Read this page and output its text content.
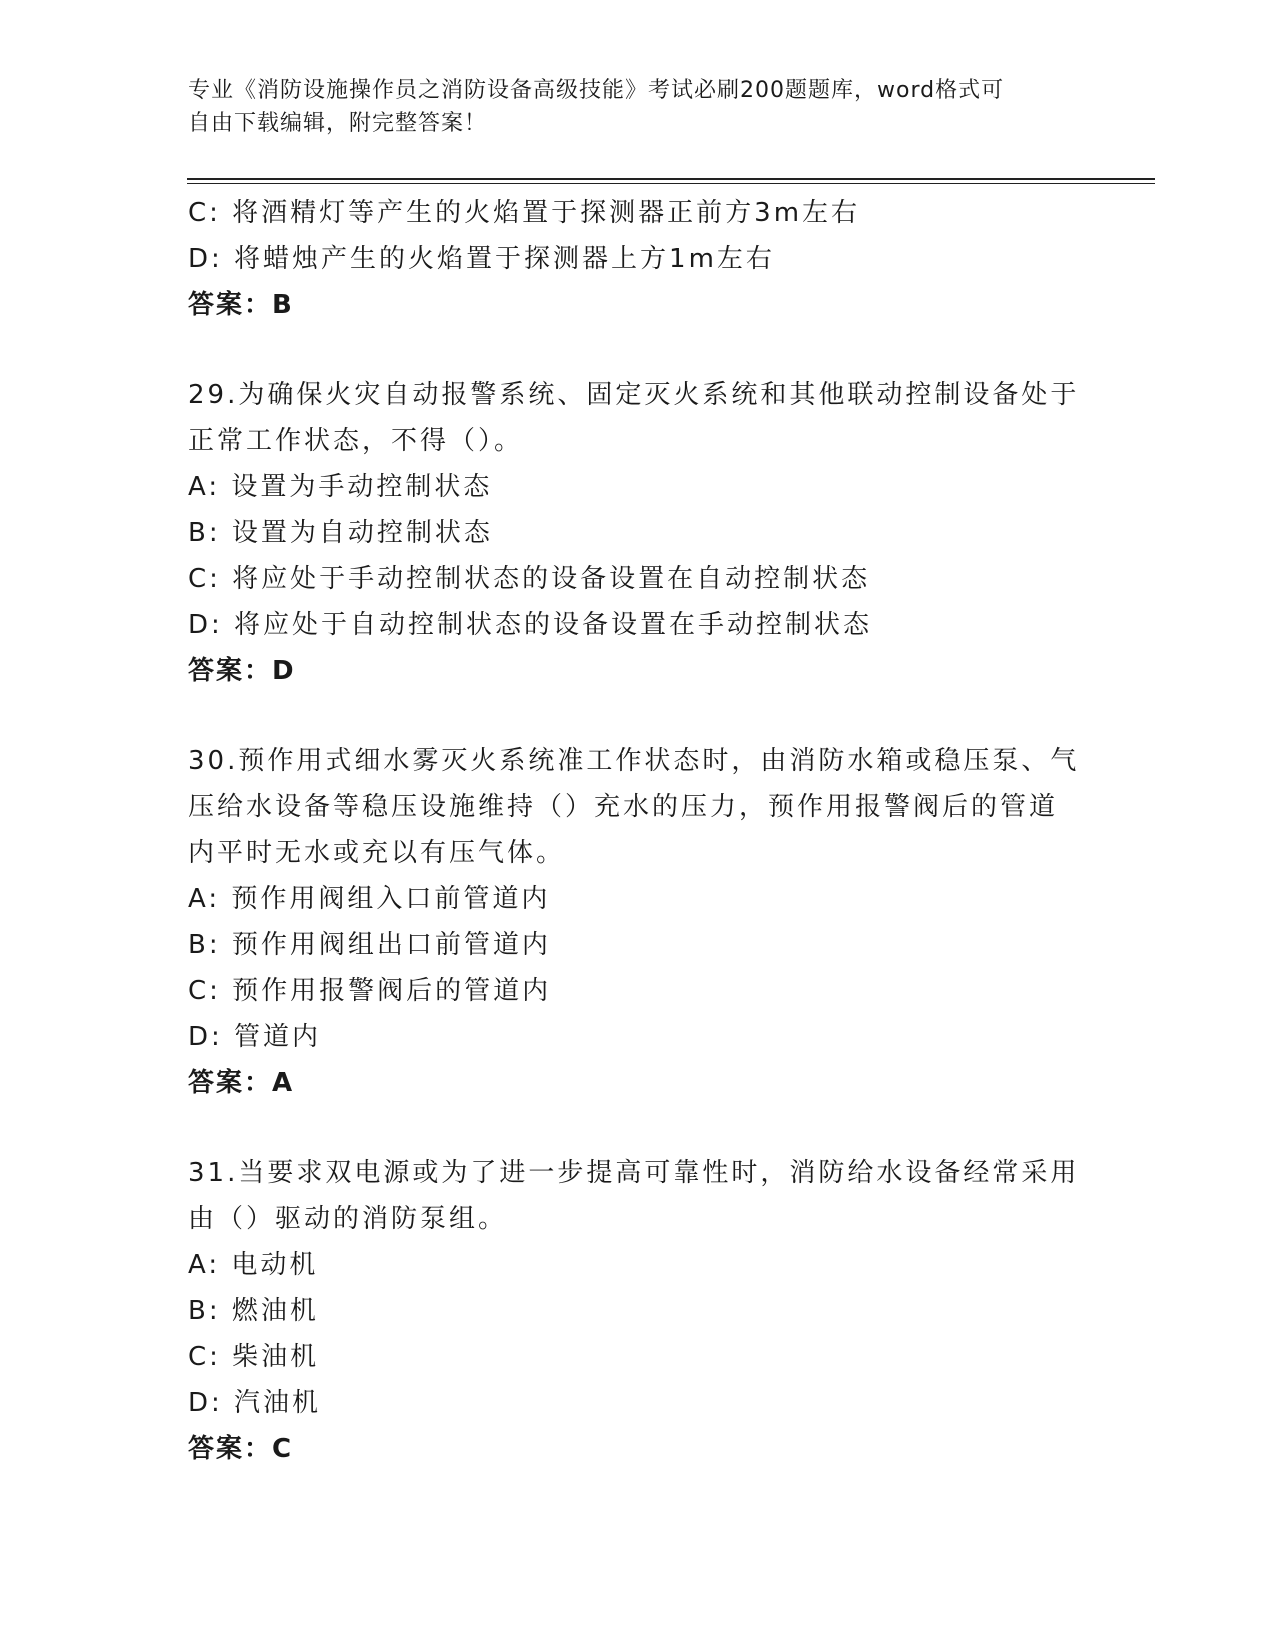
专业《消防设施操作员之消防设备高级技能》考试必刷200题题库，word格式可
自由下载编辑，附完整答案！
C: 将酒精灯等产生的火焰置于探测器正前方3m左右
D: 将蜡烛产生的火焰置于探测器上方1m左右
答案：B
29.为确保火灾自动报警系统、固定灭火系统和其他联动控制设备处于
正常工作状态，不得（）。
A: 设置为手动控制状态
B: 设置为自动控制状态
C: 将应处于手动控制状态的设备设置在自动控制状态
D: 将应处于自动控制状态的设备设置在手动控制状态
答案：D
30.预作用式细水雾灭火系统准工作状态时，由消防水箱或稳压泵、气
压给水设备等稳压设施维持（）充水的压力，预作用报警阀后的管道
内平时无水或充以有压气体。
A: 预作用阀组入口前管道内
B: 预作用阀组出口前管道内
C: 预作用报警阀后的管道内
D: 管道内
答案：A
31.当要求双电源或为了进一步提高可靠性时，消防给水设备经常采用
由（）驱动的消防泵组。
A: 电动机
B: 燃油机
C: 柴油机
D: 汽油机
答案：C
